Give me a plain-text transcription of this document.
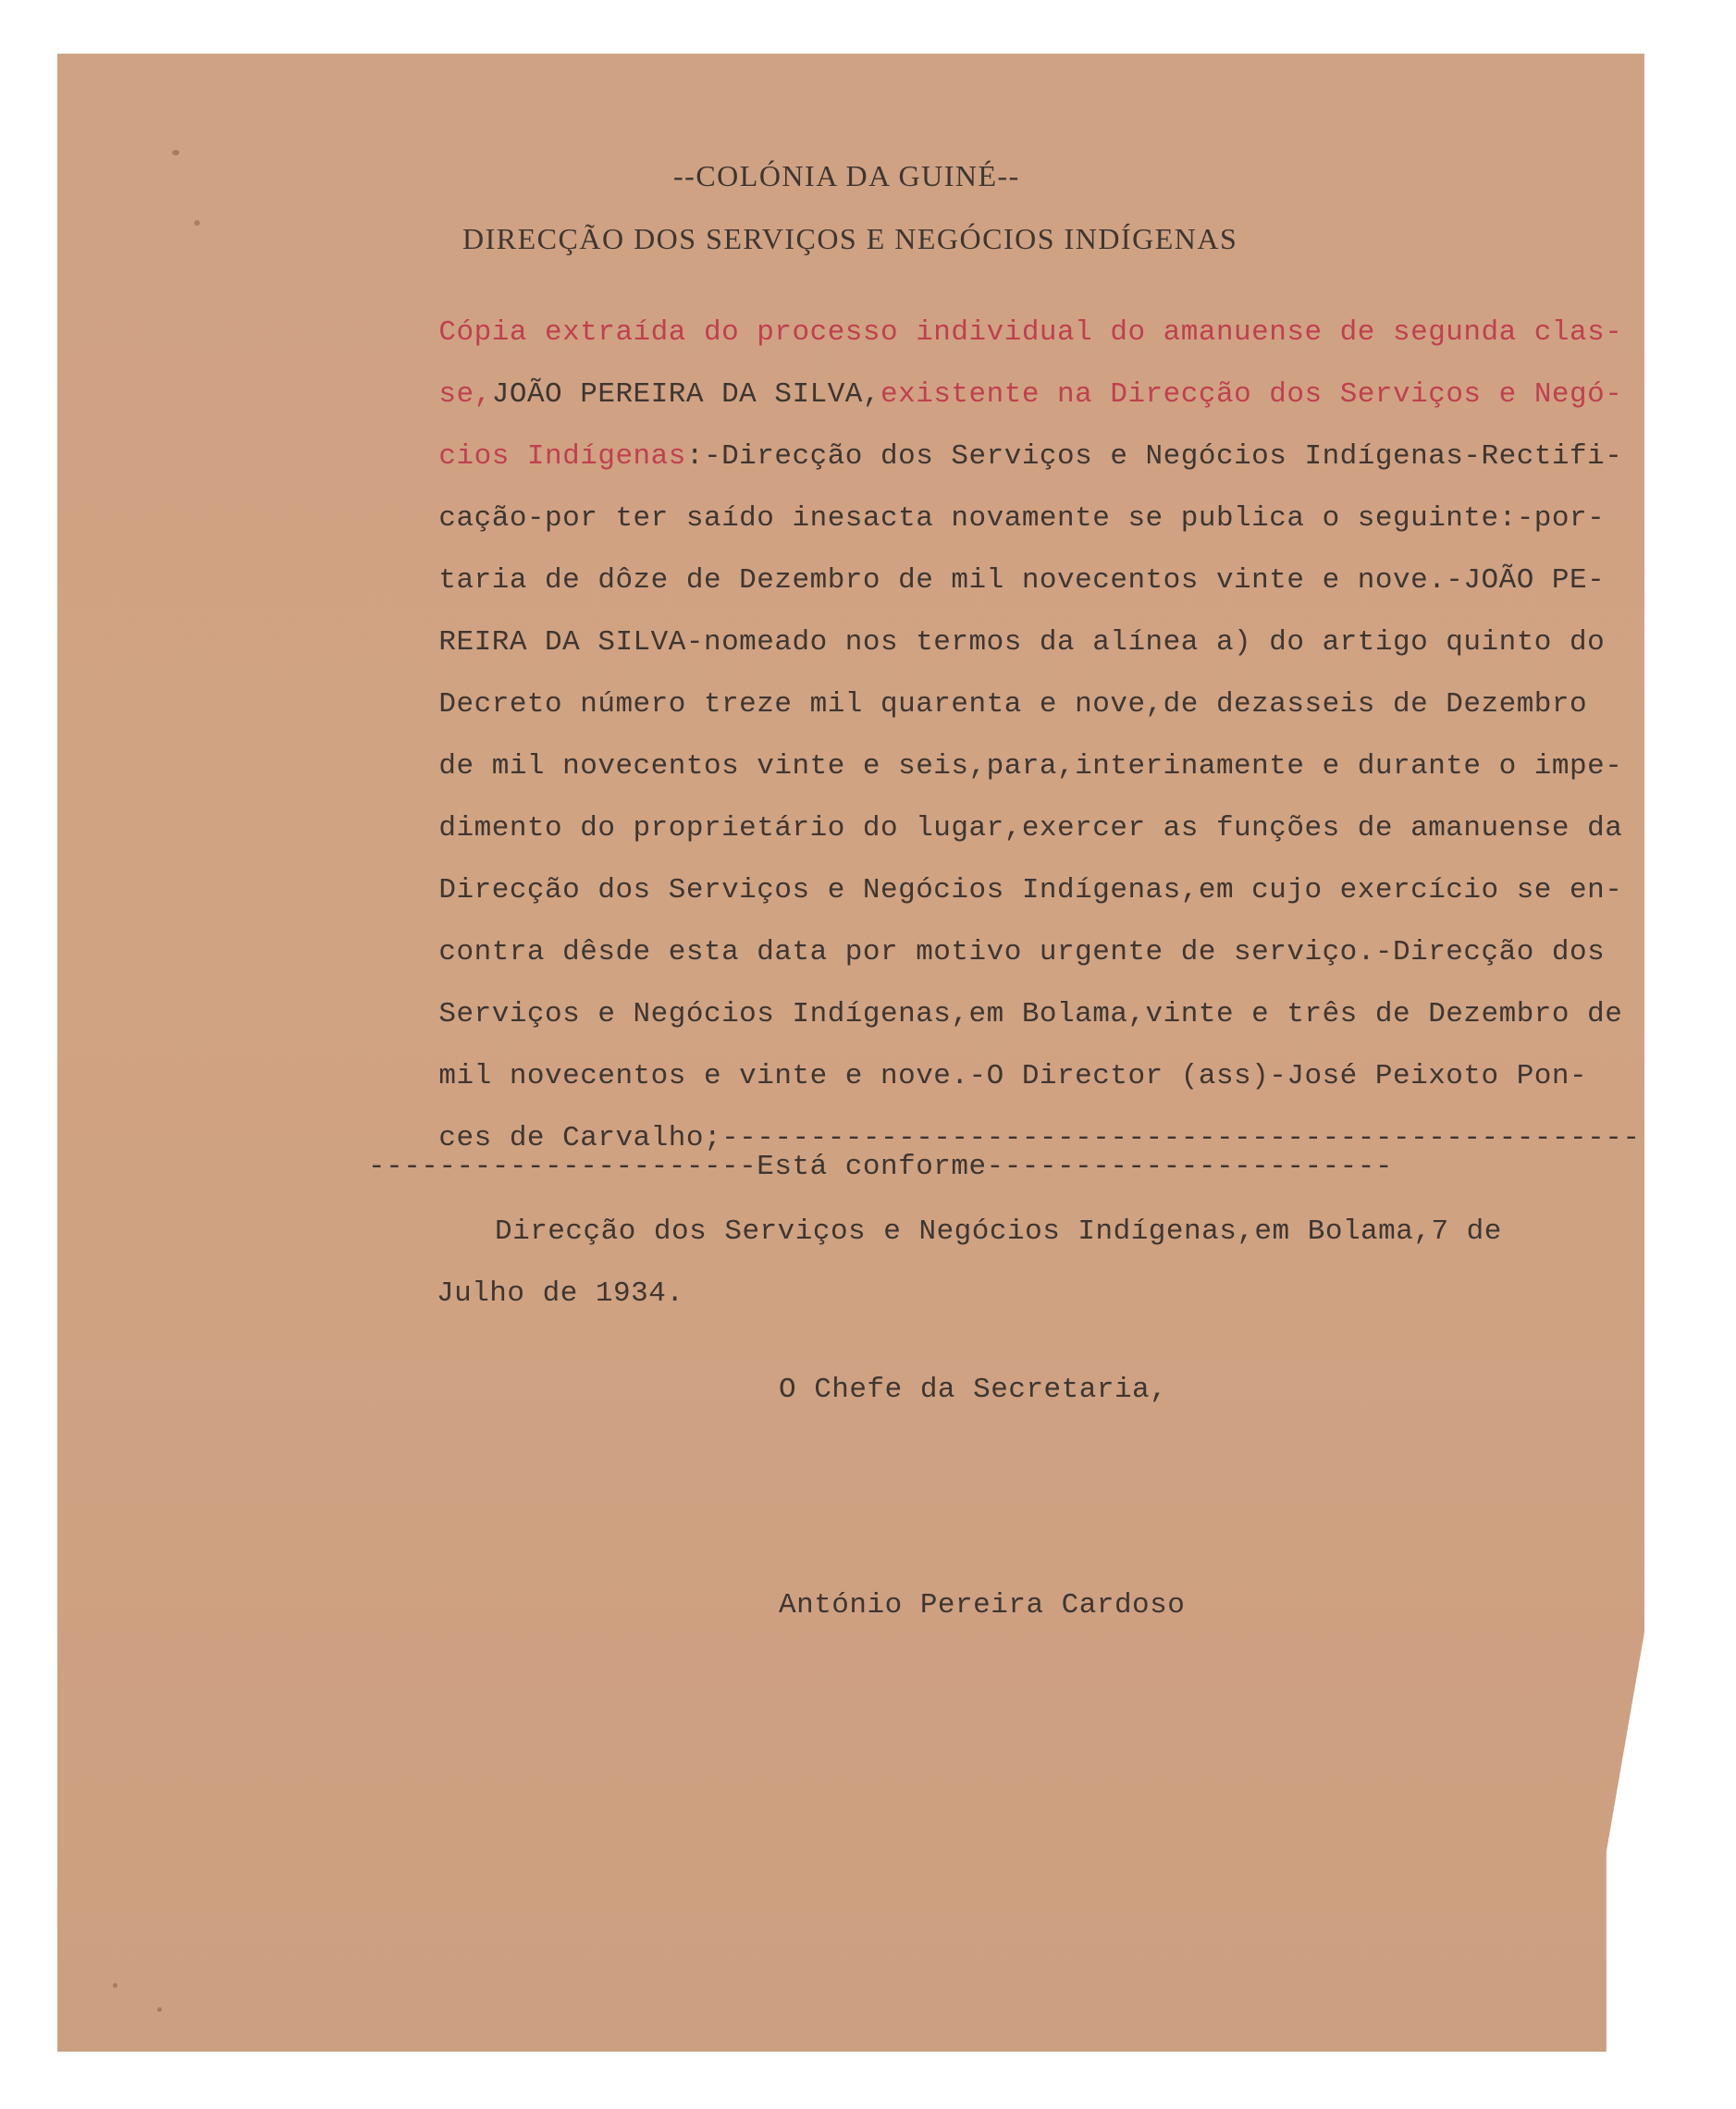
--COLÓNIA DA GUINÉ--
DIRECÇÃO DOS SERVIÇOS E NEGÓCIOS INDÍGENAS

Cópia extraída do processo individual do amanuense de segunda clas-

se,JOÃO PEREIRA DA SILVA,existente na Direcção dos Serviços e Negó-

cios Indígenas:-Direcção dos Serviços e Negócios Indígenas-Rectifi-

cação-por ter saído inesacta novamente se publica o seguinte:-por-

taria de dôze de Dezembro de mil novecentos vinte e nove.-JOÃO PE-

REIRA DA SILVA-nomeado nos termos da alínea a) do artigo quinto do

Decreto número treze mil quarenta e nove,de dezasseis de Dezembro

de mil novecentos vinte e seis,para,interinamente e durante o impe-

dimento do proprietário do lugar,exercer as funções de amanuense da

Direcção dos Serviços e Negócios Indígenas,em cujo exercício se en-

contra dêsde esta data por motivo urgente de serviço.-Direcção dos

Serviços e Negócios Indígenas,em Bolama,vinte e três de Dezembro de

mil novecentos e vinte e nove.-O Director (ass)-José Peixoto Pon-

ces de Carvalho;----------------------------------------------------

----------------------Está conforme-----------------------
Direcção dos Serviços e Negócios Indígenas,em Bolama,7 de
Julho de 1934.
O Chefe da Secretaria,
António Pereira Cardoso
